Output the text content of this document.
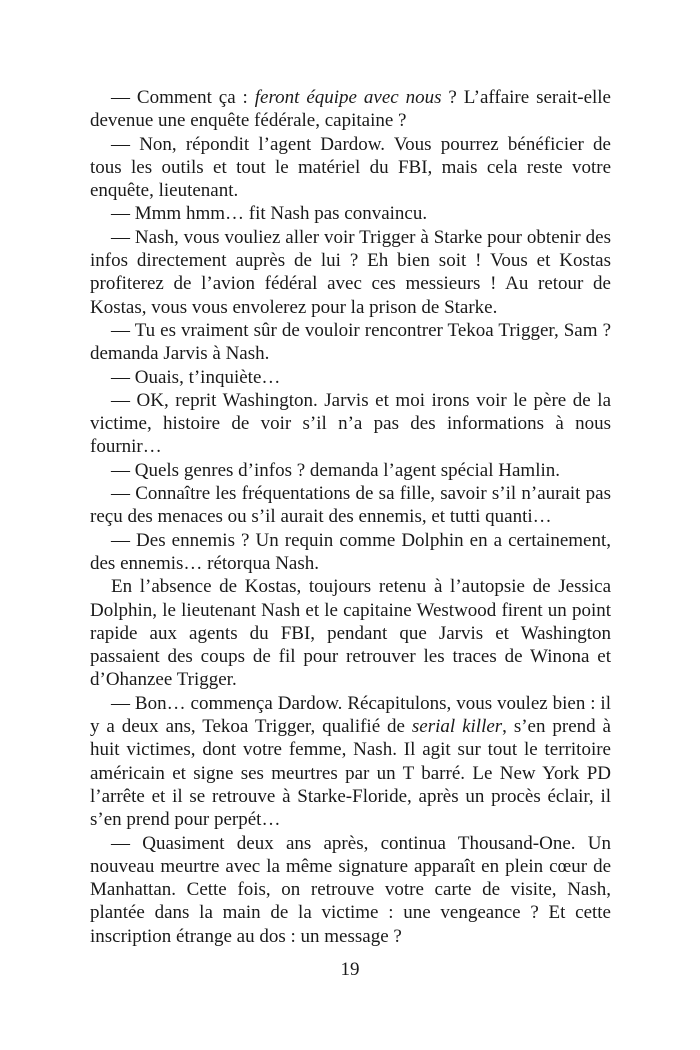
— Comment ça : feront équipe avec nous ? L’affaire serait-elle devenue une enquête fédérale, capitaine ?

— Non, répondit l’agent Dardow. Vous pourrez bénéficier de tous les outils et tout le matériel du FBI, mais cela reste votre enquête, lieutenant.

— Mmm hmm… fit Nash pas convaincu.

— Nash, vous vouliez aller voir Trigger à Starke pour obtenir des infos directement auprès de lui ? Eh bien soit ! Vous et Kostas profiterez de l’avion fédéral avec ces messieurs ! Au retour de Kostas, vous vous envolerez pour la prison de Starke.

— Tu es vraiment sûr de vouloir rencontrer Tekoa Trigger, Sam ? demanda Jarvis à Nash.

— Ouais, t’inquiète…

— OK, reprit Washington. Jarvis et moi irons voir le père de la victime, histoire de voir s’il n’a pas des informations à nous fournir…

— Quels genres d’infos ? demanda l’agent spécial Hamlin.

— Connaître les fréquentations de sa fille, savoir s’il n’aurait pas reçu des menaces ou s’il aurait des ennemis, et tutti quanti…

— Des ennemis ? Un requin comme Dolphin en a certainement, des ennemis… rétorqua Nash.

En l’absence de Kostas, toujours retenu à l’autopsie de Jessica Dolphin, le lieutenant Nash et le capitaine Westwood firent un point rapide aux agents du FBI, pendant que Jarvis et Washington passaient des coups de fil pour retrouver les traces de Winona et d’Ohanzee Trigger.

— Bon… commença Dardow. Récapitulons, vous voulez bien : il y a deux ans, Tekoa Trigger, qualifié de serial killer, s’en prend à huit victimes, dont votre femme, Nash. Il agit sur tout le territoire américain et signe ses meurtres par un T barré. Le New York PD l’arrête et il se retrouve à Starke-Floride, après un procès éclair, il s’en prend pour perpét…

— Quasiment deux ans après, continua Thousand-One. Un nouveau meurtre avec la même signature apparaît en plein cœur de Manhattan. Cette fois, on retrouve votre carte de visite, Nash, plantée dans la main de la victime : une vengeance ? Et cette inscription étrange au dos : un message ?

19
